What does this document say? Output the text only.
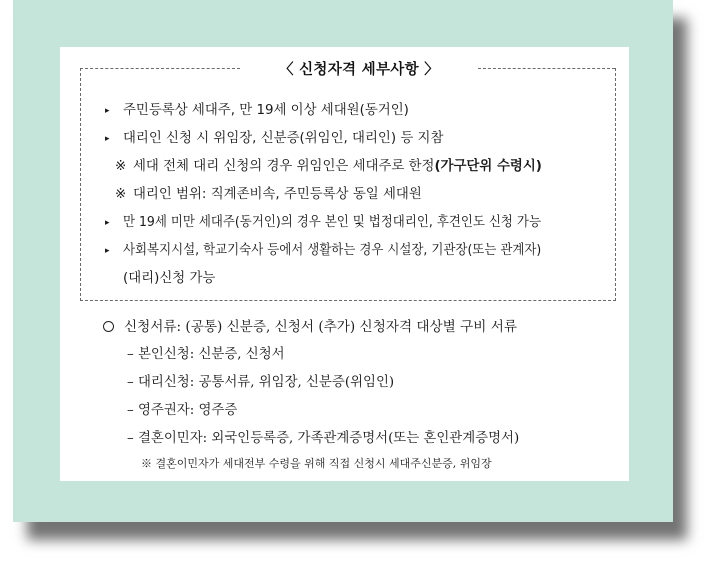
〈 신청자격 세부사항 〉
▸ 주민등록상 세대주, 만 19세 이상 세대원(동거인)
▸ 대리인 신청 시 위임장, 신분증(위임인, 대리인) 등 지참
※ 세대 전체 대리 신청의 경우 위임인은 세대주로 한정(가구단위 수령시)
※ 대리인 범위: 직계존비속, 주민등록상 동일 세대원
▸ 만 19세 미만 세대주(동거인)의 경우 본인 및 법정대리인, 후견인도 신청 가능
▸ 사회복지시설, 학교기숙사 등에서 생활하는 경우 시설장, 기관장(또는 관계자)
(대리)신청 가능
신청서류: (공통) 신분증, 신청서 (추가) 신청자격 대상별 구비 서류
– 본인신청: 신분증, 신청서
– 대리신청: 공통서류, 위임장, 신분증(위임인)
– 영주권자: 영주증
– 결혼이민자: 외국인등록증, 가족관계증명서(또는 혼인관계증명서)
※ 결혼이민자가 세대전부 수령을 위해 직접 신청시 세대주신분증, 위임장
